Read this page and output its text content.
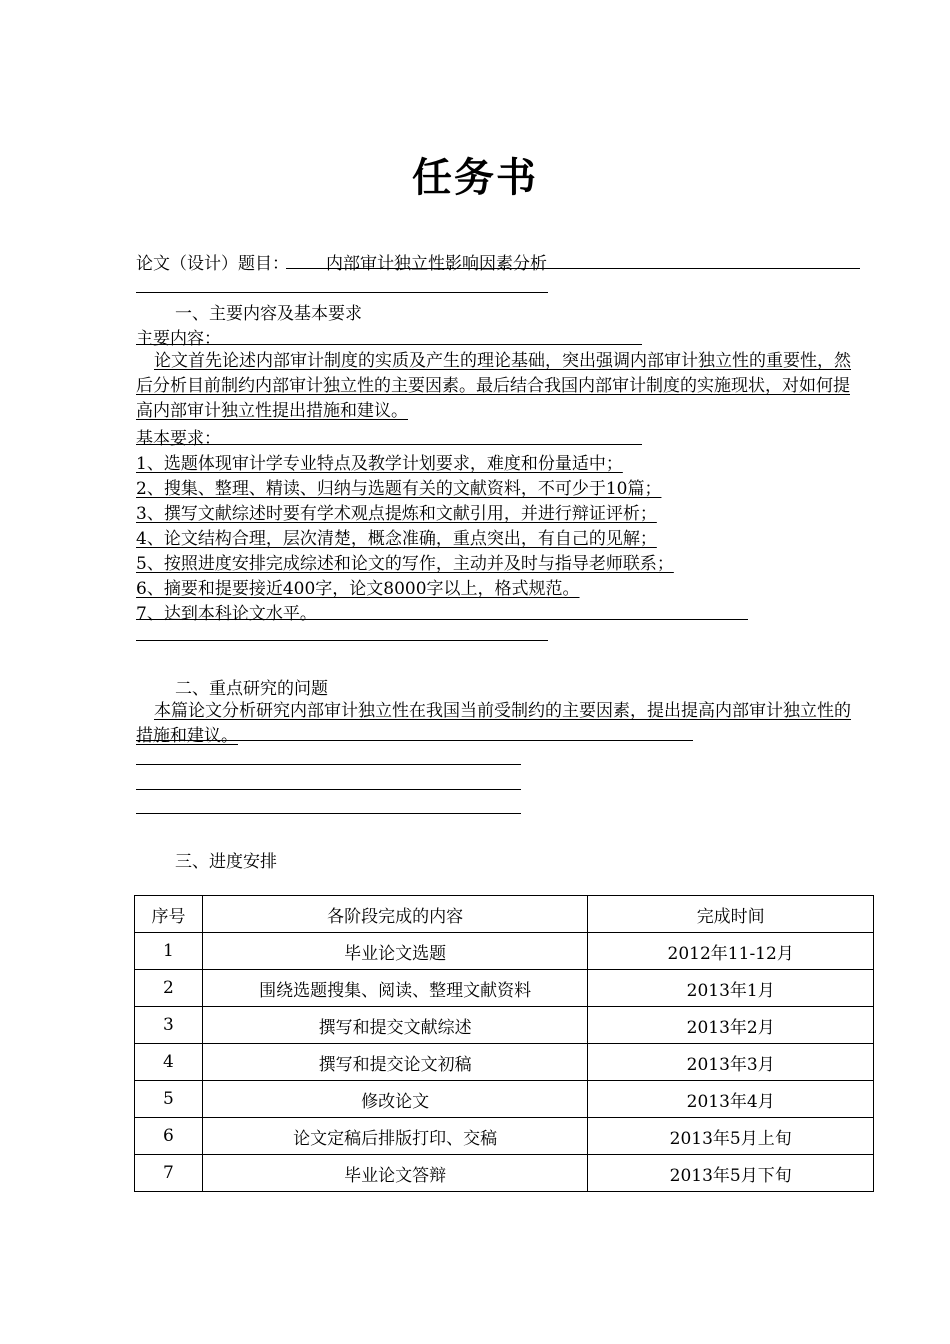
任务书
论文（设计）题目： 内部审计独立性影响因素分析
一、主要内容及基本要求
主要内容：
论文首先论述内部审计制度的实质及产生的理论基础，突出强调内部审计独立性的重要性，然后分析目前制约内部审计独立性的主要因素。最后结合我国内部审计制度的实施现状，对如何提高内部审计独立性提出措施和建议。
基本要求：
1、选题体现审计学专业特点及教学计划要求，难度和份量适中；
2、搜集、整理、精读、归纳与选题有关的文献资料，不可少于10篇；
3、撰写文献综述时要有学术观点提炼和文献引用，并进行辩证评析；
4、论文结构合理，层次清楚，概念准确，重点突出，有自己的见解；
5、按照进度安排完成综述和论文的写作，主动并及时与指导老师联系；
6、摘要和提要接近400字，论文8000字以上，格式规范。
7、达到本科论文水平。
二、重点研究的问题
本篇论文分析研究内部审计独立性在我国当前受制约的主要因素，提出提高内部审计独立性的措施和建议。
三、进度安排
序号	各阶段完成的内容	完成时间
1	毕业论文选题	2012年11-12月
2	围绕选题搜集、阅读、整理文献资料	2013年1月
3	撰写和提交文献综述	2013年2月
4	撰写和提交论文初稿	2013年3月
5	修改论文	2013年4月
6	论文定稿后排版打印、交稿	2013年5月上旬
7	毕业论文答辩	2013年5月下旬
